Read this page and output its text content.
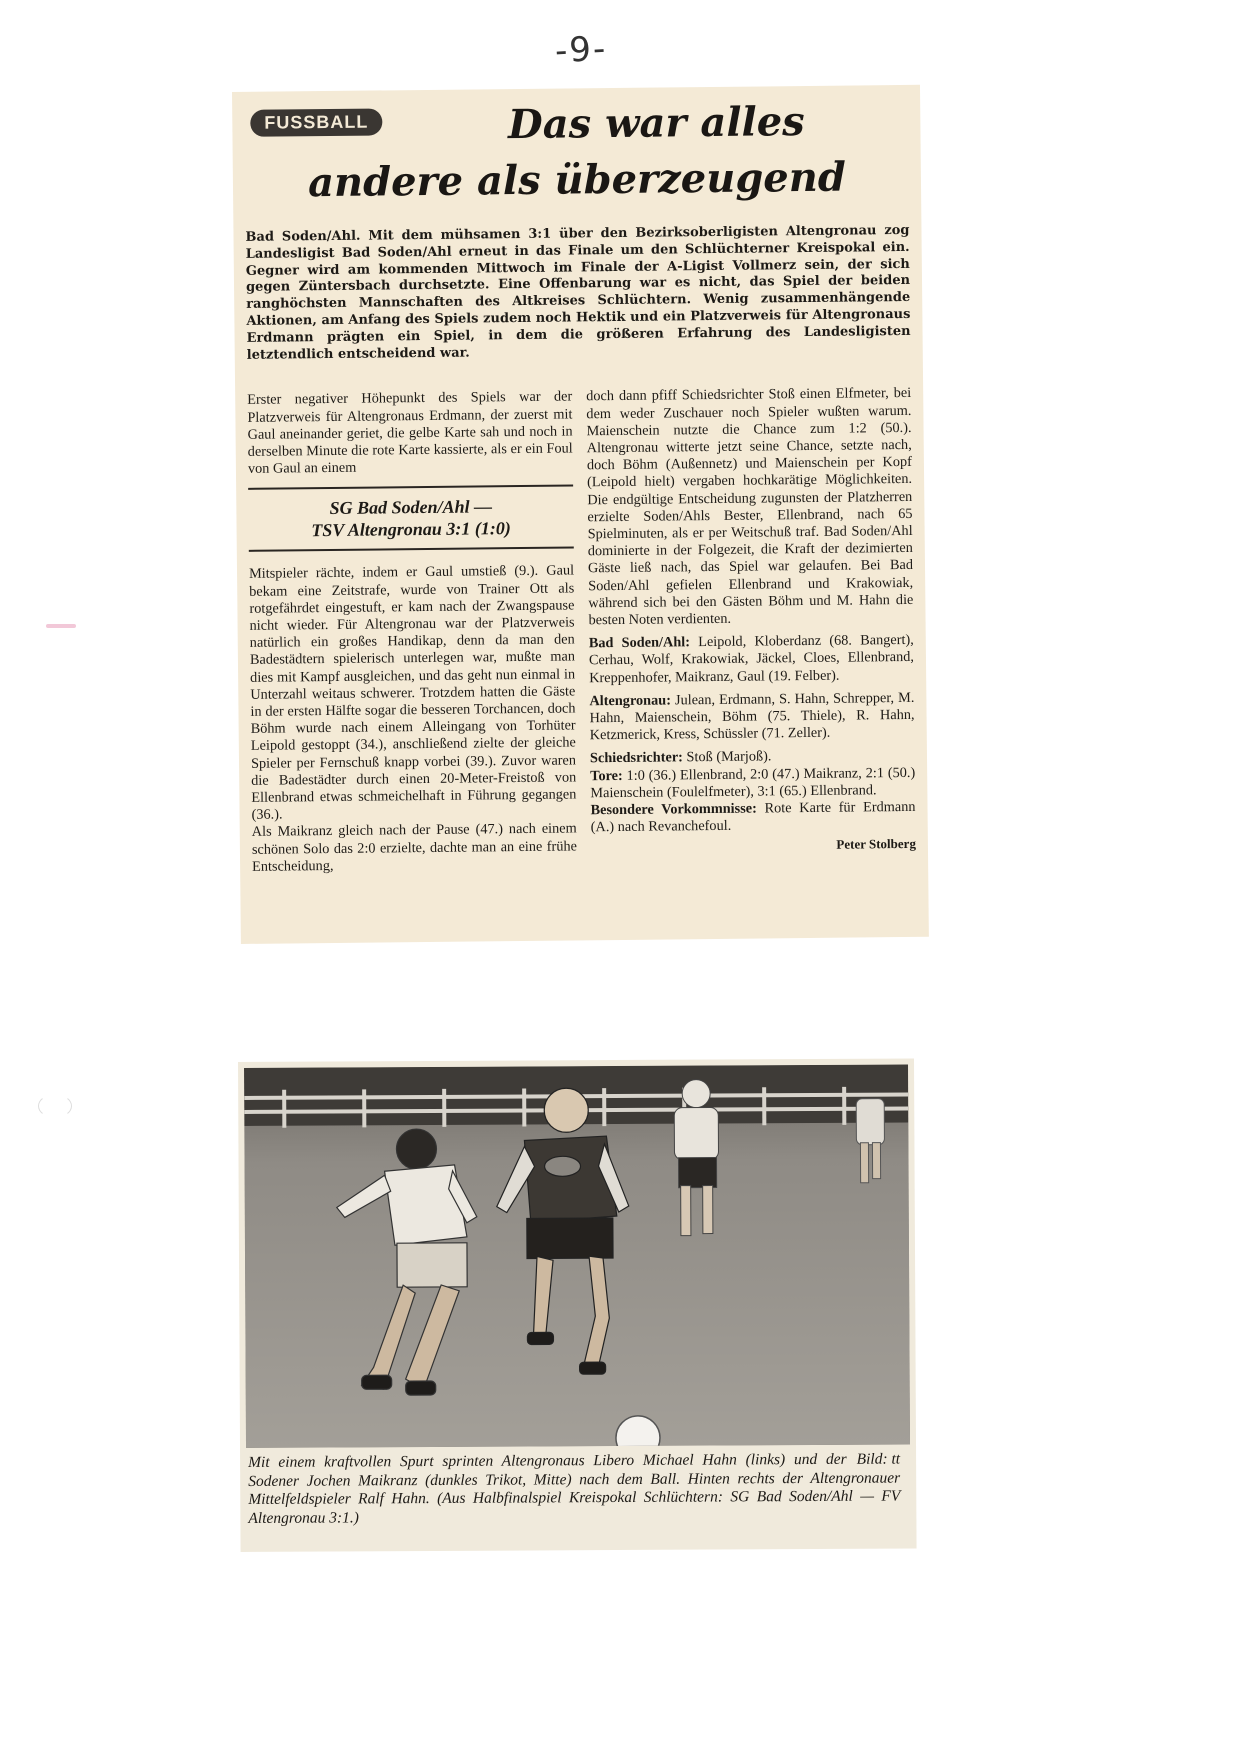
-9-
Das war alles
andere als überzeugend
FUSSBALL

Bad Soden/Ahl. Mit dem mühsamen 3:1 über den Bezirksoberligisten Altengronau zog Landesligist Bad Soden/Ahl erneut in das Finale um den Schlüchterner Kreispokal ein. Gegner wird am kommenden Mittwoch im Finale der A-Ligist Vollmerz sein, der sich gegen Züntersbach durchsetzte. Eine Offenbarung war es nicht, das Spiel der beiden ranghöchsten Mannschaften des Altkreises Schlüchtern. Wenig zusammenhängende Aktionen, am Anfang des Spiels zudem noch Hektik und ein Platzverweis für Altengronaus Erdmann prägten ein Spiel, in dem die größeren Erfahrung des Landesligisten letztendlich entscheidend war.

Erster negativer Höhepunkt des Spiels war der Platzverweis für Altengronaus Erdmann, der zuerst mit Gaul aneinander geriet, die gelbe Karte sah und noch in derselben Minute die rote Karte kassierte, als er ein Foul von Gaul an einem

SG Bad Soden/Ahl —
TSV Altengronau 3:1 (1:0)

Mitspieler rächte, indem er Gaul umstieß (9.). Gaul bekam eine Zeitstrafe, wurde von Trainer Ott als rotgefährdet eingestuft, er kam nach der Zwangspause nicht wieder. Für Altengronau war der Platzverweis natürlich ein großes Handikap, denn da man den Badestädtern spielerisch unterlegen war, mußte man dies mit Kampf ausgleichen, und das geht nun einmal in Unterzahl weitaus schwerer. Trotzdem hatten die Gäste in der ersten Hälfte sogar die besseren Torchancen, doch Böhm wurde nach einem Alleingang von Torhüter Leipold gestoppt (34.), anschließend zielte der gleiche Spieler per Fernschuß knapp vorbei (39.). Zuvor waren die Badestädter durch einen 20-Meter-Freistoß von Ellenbrand etwas schmeichelhaft in Führung gegangen (36.).

Als Maikranz gleich nach der Pause (47.) nach einem schönen Solo das 2:0 erzielte, dachte man an eine frühe Entscheidung,

doch dann pfiff Schiedsrichter Stoß einen Elfmeter, bei dem weder Zuschauer noch Spieler wußten warum. Maienschein nutzte die Chance zum 1:2 (50.). Altengronau witterte jetzt seine Chance, setzte nach, doch Böhm (Außennetz) und Maienschein per Kopf (Leipold hielt) vergaben hochkarätige Möglichkeiten. Die endgültige Entscheidung zugunsten der Platzherren erzielte Soden/Ahls Bester, Ellenbrand, nach 65 Spielminuten, als er per Weitschuß traf. Bad Soden/Ahl dominierte in der Folgezeit, die Kraft der dezimierten Gäste ließ nach, das Spiel war gelaufen. Bei Bad Soden/Ahl gefielen Ellenbrand und Krakowiak, während sich bei den Gästen Böhm und M. Hahn die besten Noten verdienten.

Bad Soden/Ahl: Leipold, Kloberdanz (68. Bangert), Cerhau, Wolf, Krakowiak, Jäckel, Cloes, Ellenbrand, Kreppenhofer, Maikranz, Gaul (19. Felber).

Altengronau: Julean, Erdmann, S. Hahn, Schrepper, M. Hahn, Maienschein, Böhm (75. Thiele), R. Hahn, Ketzmerick, Kress, Schüssler (71. Zeller).

Schiedsrichter: Stoß (Marjoß).

Tore: 1:0 (36.) Ellenbrand, 2:0 (47.) Maikranz, 2:1 (50.) Maienschein (Foulelfmeter), 3:1 (65.) Ellenbrand.

Besondere Vorkommnisse: Rote Karte für Erdmann (A.) nach Revanchefoul.

Peter Stolberg

Bild: tt
Mit einem kraftvollen Spurt sprinten Altengronaus Libero Michael Hahn (links) und der Sodener Jochen Maikranz (dunkles Trikot, Mitte) nach dem Ball. Hinten rechts der Altengronauer Mittelfeldspieler Ralf Hahn. (Aus Halbfinalspiel Kreispokal Schlüchtern: SG Bad Soden/Ahl — FV Altengronau 3:1.)
